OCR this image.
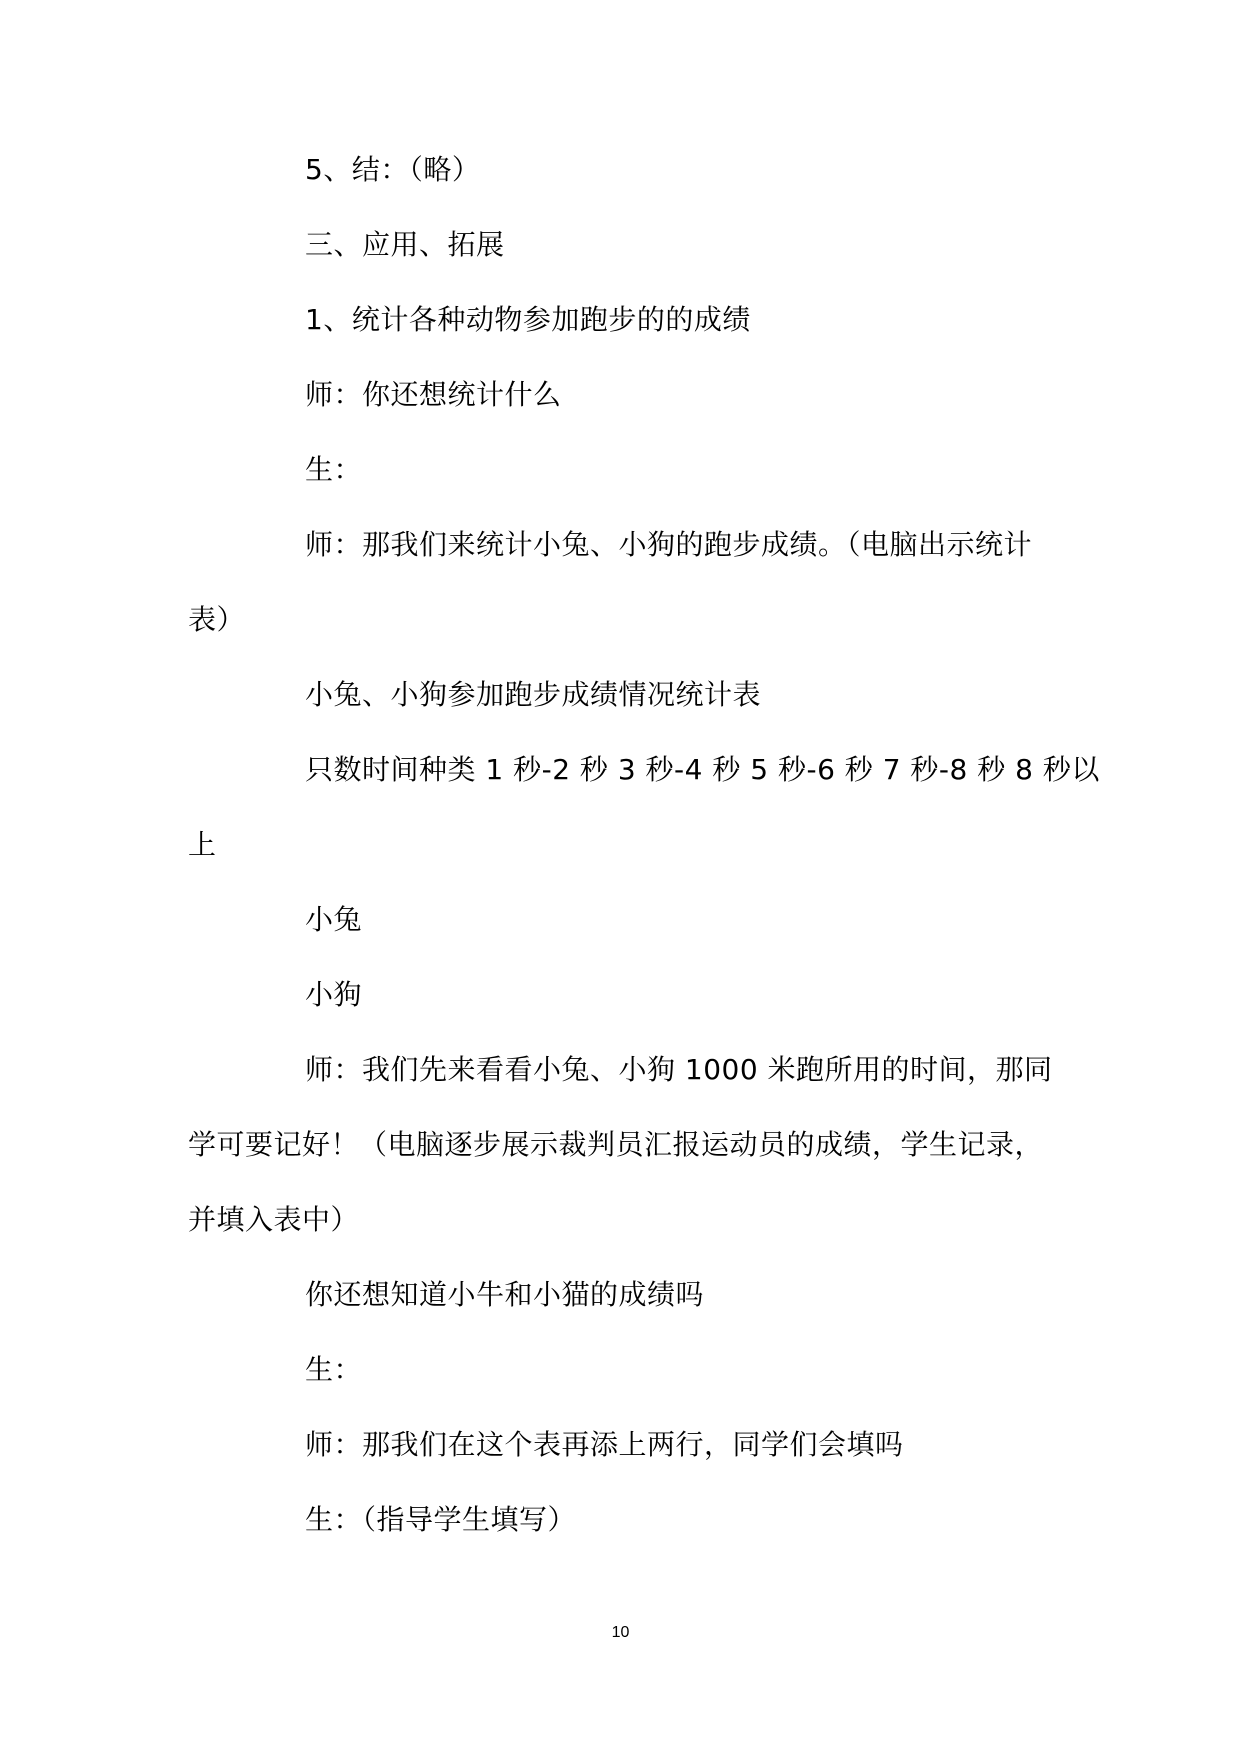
5、结：（略）
三、应用、拓展
1、统计各种动物参加跑步的的成绩
师：你还想统计什么
生：
师：那我们来统计小兔、小狗的跑步成绩。（电脑出示统计
表）
小兔、小狗参加跑步成绩情况统计表
只数时间种类 1 秒-2 秒 3 秒-4 秒 5 秒-6 秒 7 秒-8 秒 8 秒以
上
小兔
小狗
师：我们先来看看小兔、小狗 1000 米跑所用的时间，那同
学可要记好！（电脑逐步展示裁判员汇报运动员的成绩，学生记录，
并填入表中）
你还想知道小牛和小猫的成绩吗
生：
师：那我们在这个表再添上两行，同学们会填吗
生：（指导学生填写）
10
